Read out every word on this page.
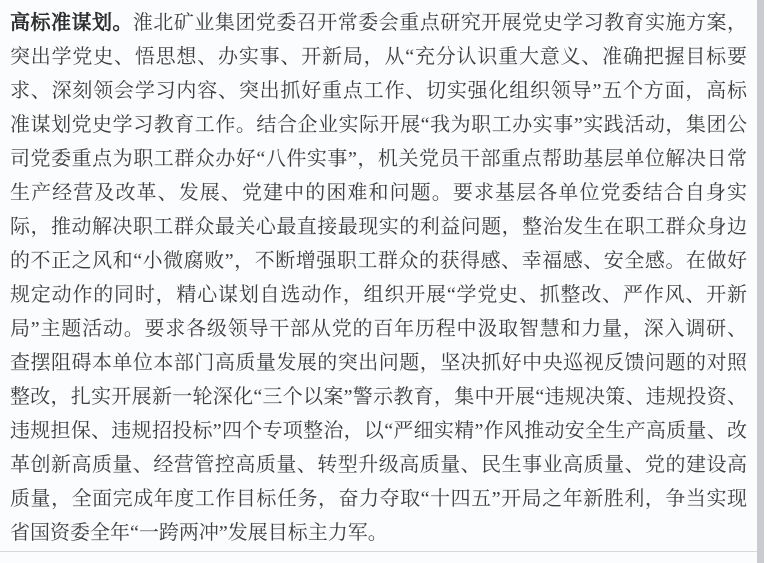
高标准谋划。淮北矿业集团党委召开常委会重点研究开展党史学习教育实施方案，
突出学党史、悟思想、办实事、开新局，从“充分认识重大意义、准确把握目标要
求、深刻领会学习内容、突出抓好重点工作、切实强化组织领导”五个方面，高标
准谋划党史学习教育工作。结合企业实际开展“我为职工办实事”实践活动，集团公
司党委重点为职工群众办好“八件实事”，机关党员干部重点帮助基层单位解决日常
生产经营及改革、发展、党建中的困难和问题。要求基层各单位党委结合自身实
际，推动解决职工群众最关心最直接最现实的利益问题，整治发生在职工群众身边
的不正之风和“小微腐败”，不断增强职工群众的获得感、幸福感、安全感。在做好
规定动作的同时，精心谋划自选动作，组织开展“学党史、抓整改、严作风、开新
局”主题活动。要求各级领导干部从党的百年历程中汲取智慧和力量，深入调研、
查摆阻碍本单位本部门高质量发展的突出问题，坚决抓好中央巡视反馈问题的对照
整改，扎实开展新一轮深化“三个以案”警示教育，集中开展“违规决策、违规投资、
违规担保、违规招投标”四个专项整治，以“严细实精”作风推动安全生产高质量、改
革创新高质量、经营管控高质量、转型升级高质量、民生事业高质量、党的建设高
质量，全面完成年度工作目标任务，奋力夺取“十四五”开局之年新胜利，争当实现
省国资委全年“一跨两冲”发展目标主力军。
